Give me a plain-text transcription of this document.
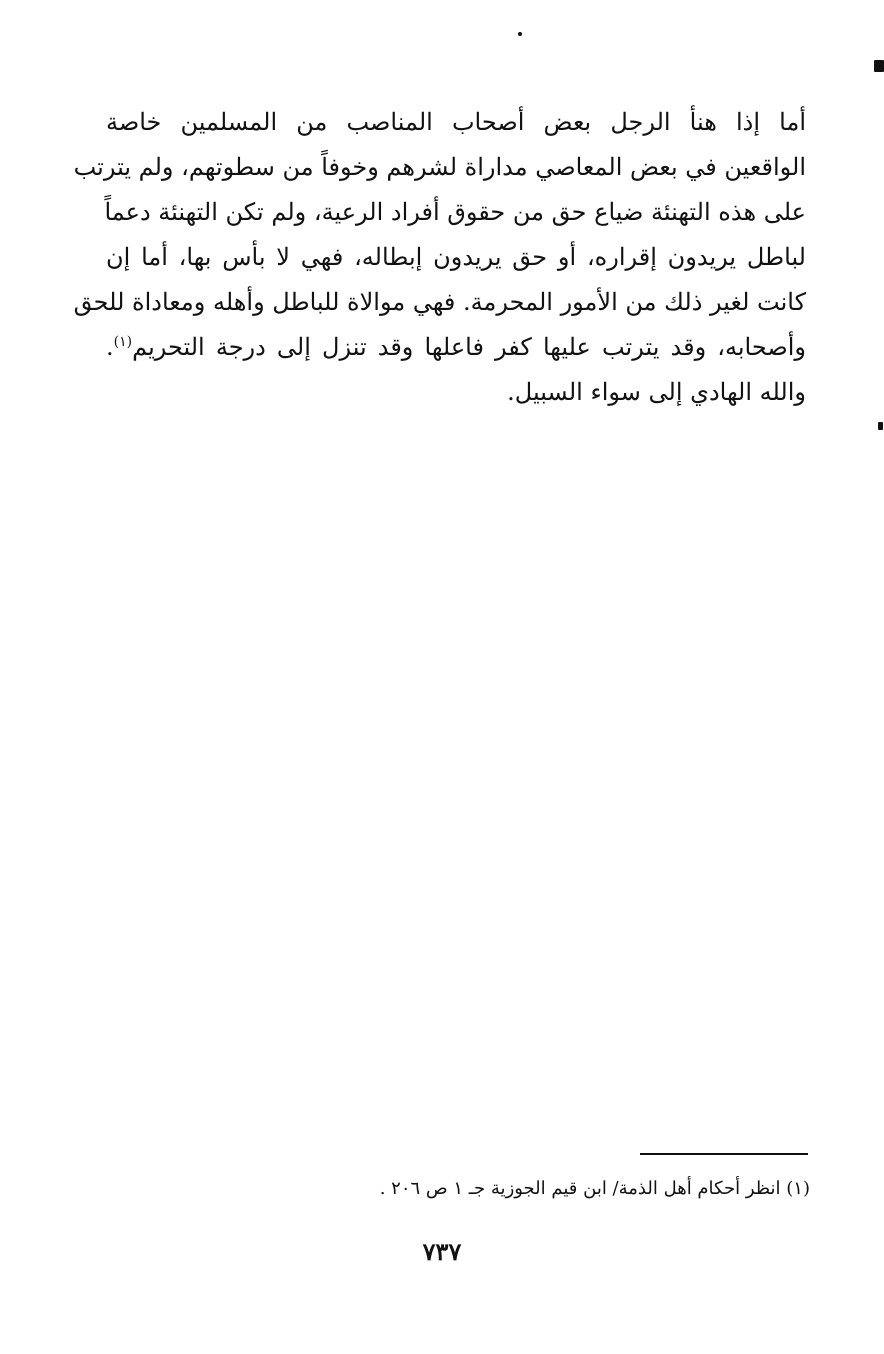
أما إذا هنأ الرجل بعض أصحاب المناصب من المسلمين خاصة
الواقعين في بعض المعاصي مداراة لشرهم وخوفاً من سطوتهم، ولم يترتب
على هذه التهنئة ضياع حق من حقوق أفراد الرعية، ولم تكن التهنئة دعماً
لباطل يريدون إقراره، أو حق يريدون إبطاله، فهي لا بأس بها، أما إن
كانت لغير ذلك من الأمور المحرمة. فهي موالاة للباطل وأهله ومعاداة للحق
وأصحابه، وقد يترتب عليها كفر فاعلها وقد تنزل إلى درجة التحريم$^{(١)}$.
والله الهادي إلى سواء السبيل.
(١) انظر أحكام أهل الذمة/ ابن قيم الجوزية جـ ١ ص ٢٠٦ .
٧٣٧
